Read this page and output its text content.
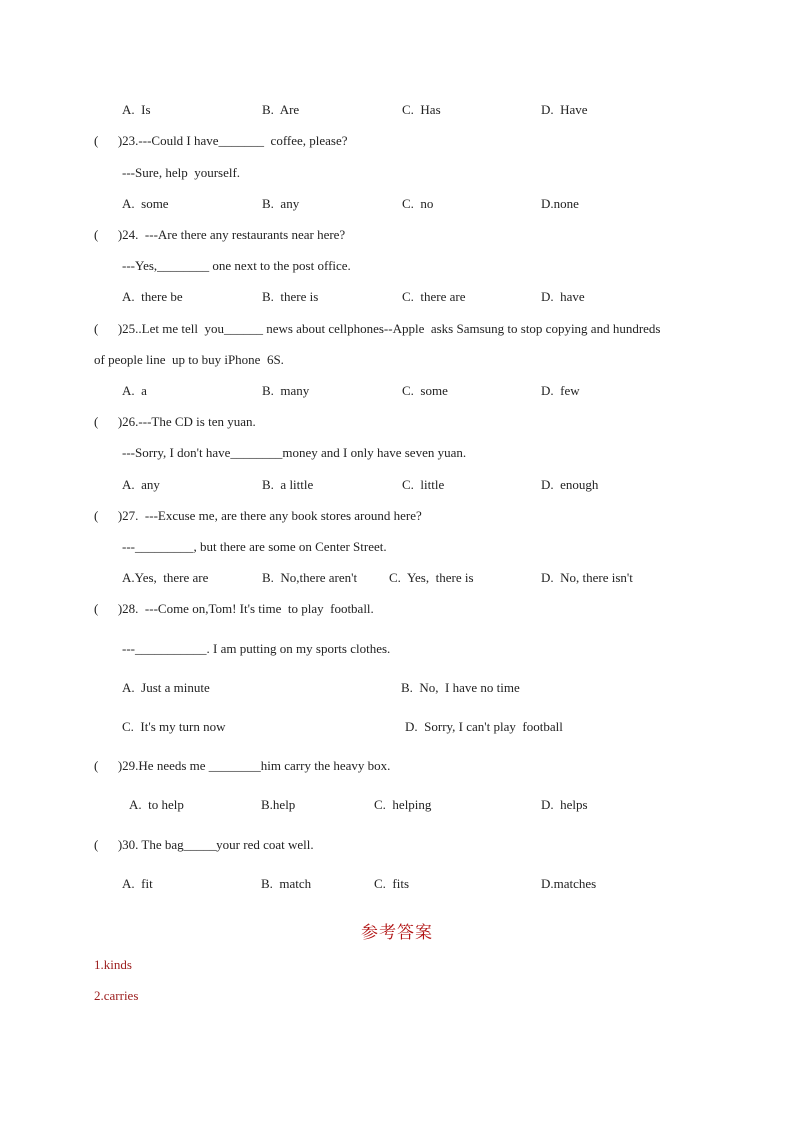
A.  Is	B.  Are	C.  Has	D.  Have
(      )23.---Could I have_______  coffee, please?
---Sure, help  yourself.
A.  some	B.  any	C.  no	D.none
(      )24.  ---Are there any restaurants near here?
---Yes,________ one next to the post office.
A.  there be	B.  there is	C.  there are	D.  have
(      )25..Let me tell  you______ news about cellphones--Apple  asks Samsung to stop copying and hundreds
of people line  up to buy iPhone  6S.
A.  a	B.  many	C.  some	D.  few
(      )26.---The CD is ten yuan.
---Sorry, I don't have________money and I only have seven yuan.
A.  any	B.  a little	C.  little	D.  enough
(      )27.  ---Excuse me, are there any book stores around here?
---_________, but there are some on Center Street.
A.Yes,  there are	B.  No,there aren't C.  Yes,  there is	D.  No, there isn't
(      )28.  ---Come on,Tom! It's time  to play  football.
---___________. I am putting on my sports clothes.
A.  Just a minute	B.  No,  I have no time
C.  It's my turn now	D.  Sorry, I can't play  football
(      )29.He needs me ________him carry the heavy box.
A.  to help	B.help	C.  helping	D.  helps
(      )30. The bag_____your red coat well.
A.  fit	B.  match	C.  fits	D.matches
参考答案
1.kinds
2.carries
